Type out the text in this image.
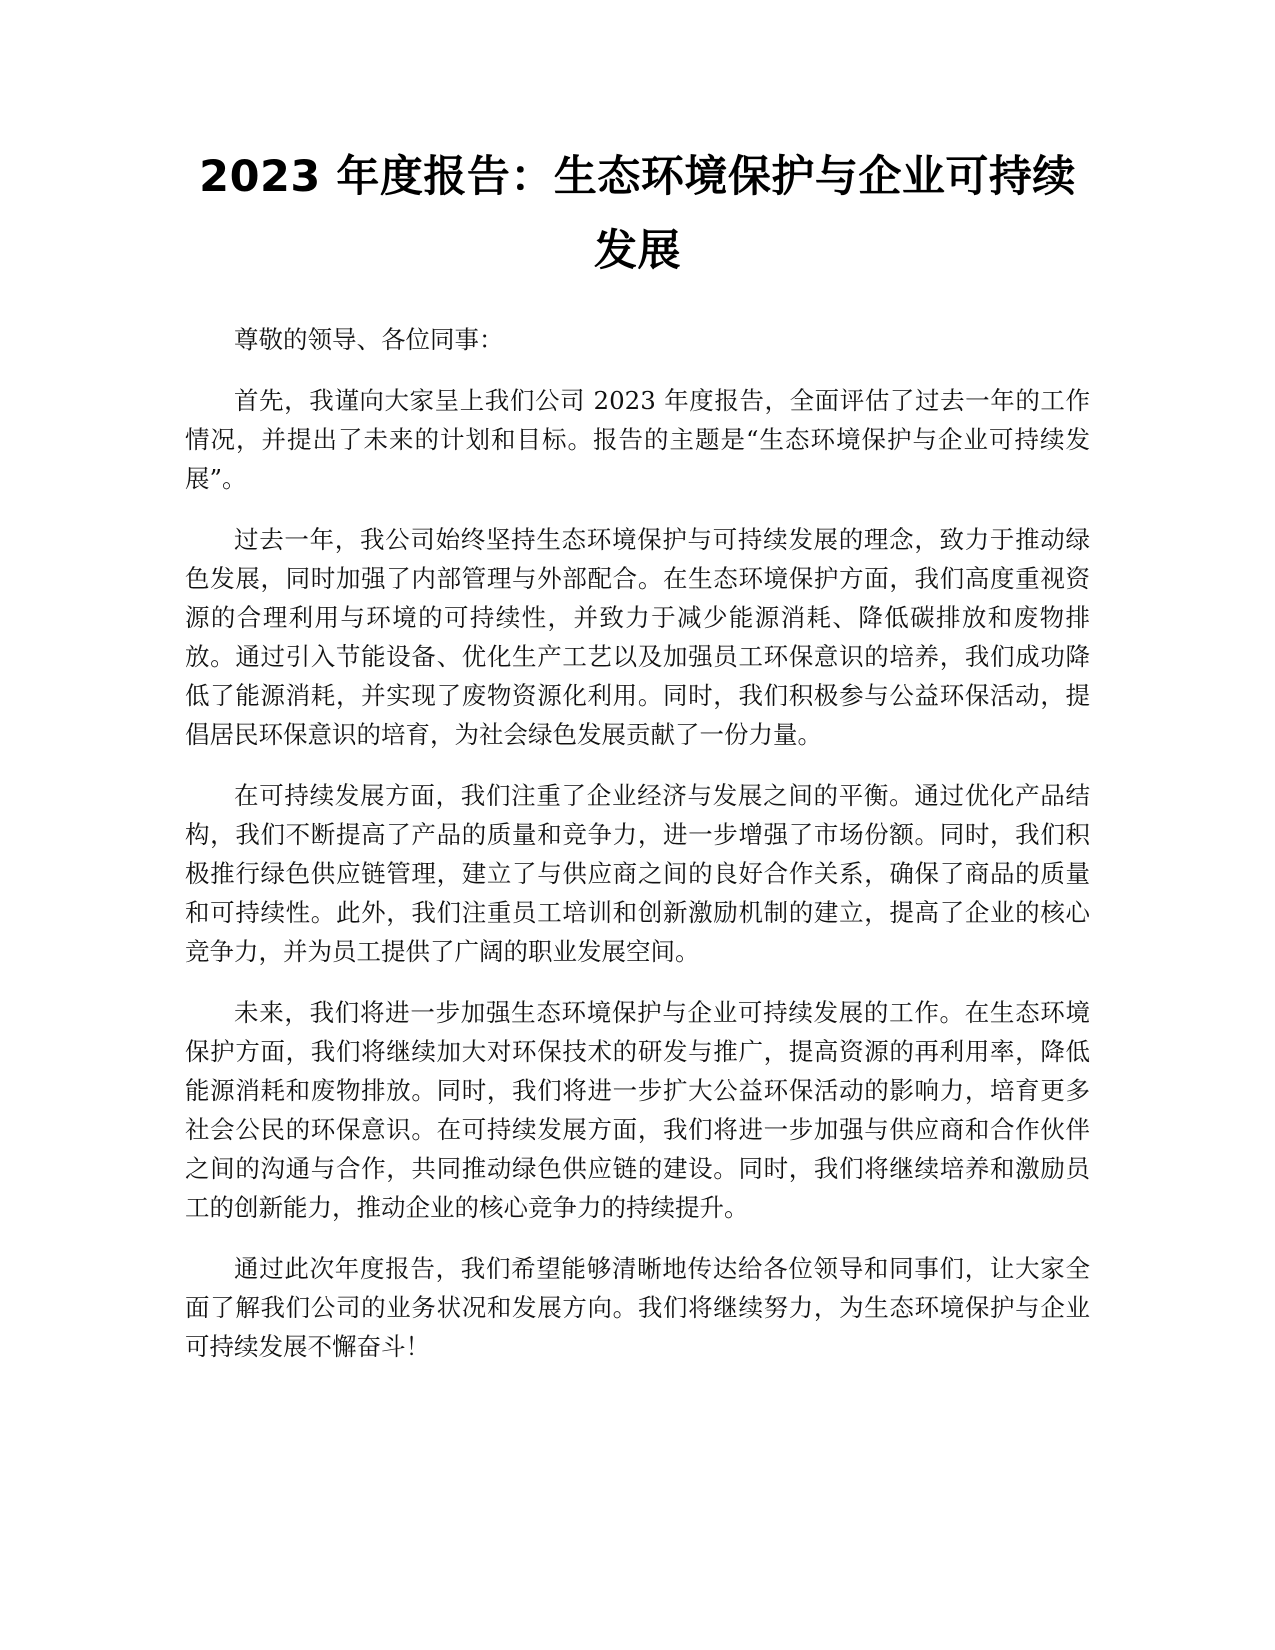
2023 年度报告：生态环境保护与企业可持续发展

尊敬的领导、各位同事：

首先，我谨向大家呈上我们公司 2023 年度报告，全面评估了过去一年的工作情况，并提出了未来的计划和目标。报告的主题是“生态环境保护与企业可持续发展”。

过去一年，我公司始终坚持生态环境保护与可持续发展的理念，致力于推动绿色发展，同时加强了内部管理与外部配合。在生态环境保护方面，我们高度重视资源的合理利用与环境的可持续性，并致力于减少能源消耗、降低碳排放和废物排放。通过引入节能设备、优化生产工艺以及加强员工环保意识的培养，我们成功降低了能源消耗，并实现了废物资源化利用。同时，我们积极参与公益环保活动，提倡居民环保意识的培育，为社会绿色发展贡献了一份力量。

在可持续发展方面，我们注重了企业经济与发展之间的平衡。通过优化产品结构，我们不断提高了产品的质量和竞争力，进一步增强了市场份额。同时，我们积极推行绿色供应链管理，建立了与供应商之间的良好合作关系，确保了商品的质量和可持续性。此外，我们注重员工培训和创新激励机制的建立，提高了企业的核心竞争力，并为员工提供了广阔的职业发展空间。

未来，我们将进一步加强生态环境保护与企业可持续发展的工作。在生态环境保护方面，我们将继续加大对环保技术的研发与推广，提高资源的再利用率，降低能源消耗和废物排放。同时，我们将进一步扩大公益环保活动的影响力，培育更多社会公民的环保意识。在可持续发展方面，我们将进一步加强与供应商和合作伙伴之间的沟通与合作，共同推动绿色供应链的建设。同时，我们将继续培养和激励员工的创新能力，推动企业的核心竞争力的持续提升。

通过此次年度报告，我们希望能够清晰地传达给各位领导和同事们，让大家全面了解我们公司的业务状况和发展方向。我们将继续努力，为生态环境保护与企业可持续发展不懈奋斗！
